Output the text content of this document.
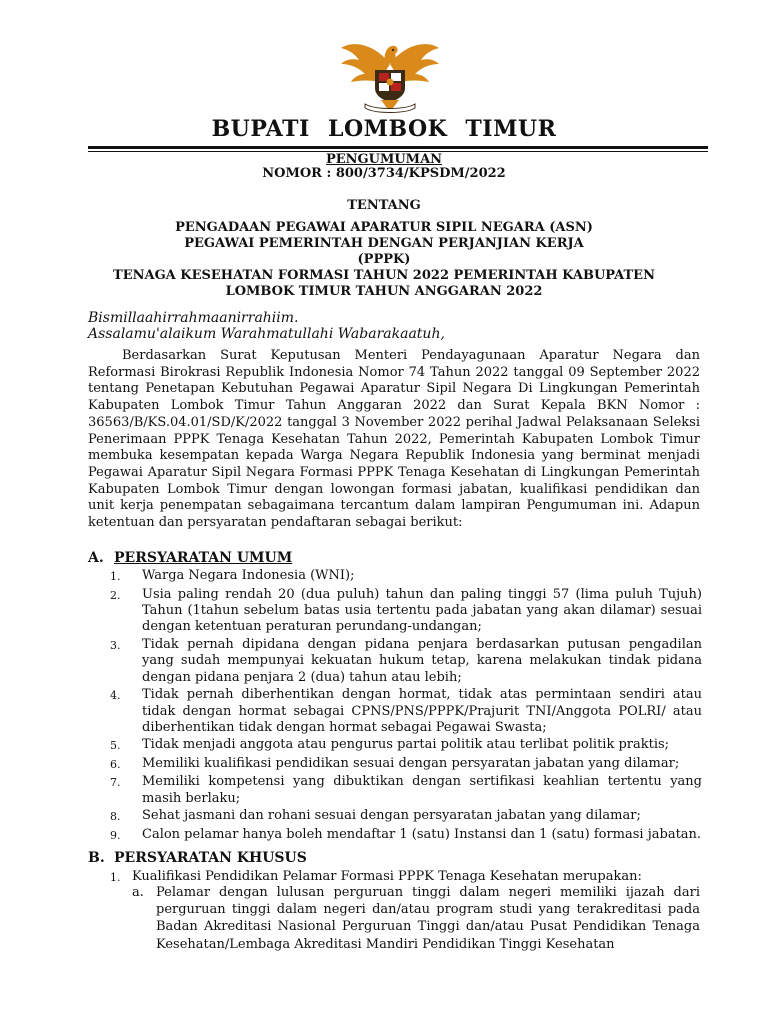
BUPATI LOMBOK TIMUR
PENGUMUMAN
NOMOR : 800/3734/KPSDM/2022
TENTANG
PENGADAAN PEGAWAI APARATUR SIPIL NEGARA (ASN)
PEGAWAI PEMERINTAH DENGAN PERJANJIAN KERJA
(PPPK)
TENAGA KESEHATAN FORMASI TAHUN 2022 PEMERINTAH KABUPATEN
LOMBOK TIMUR TAHUN ANGGARAN 2022
Bismillaahirrahmaanirrahiim.
Assalamu'alaikum Warahmatullahi Wabarakaatuh,
Berdasarkan Surat Keputusan Menteri Pendayagunaan Aparatur Negara dan Reformasi Birokrasi Republik Indonesia Nomor 74 Tahun 2022 tanggal 09 September 2022 tentang Penetapan Kebutuhan Pegawai Aparatur Sipil Negara Di Lingkungan Pemerintah Kabupaten Lombok Timur Tahun Anggaran 2022 dan Surat Kepala BKN Nomor : 36563/B/KS.04.01/SD/K/2022 tanggal 3 November 2022 perihal Jadwal Pelaksanaan Seleksi Penerimaan PPPK Tenaga Kesehatan Tahun 2022, Pemerintah Kabupaten Lombok Timur membuka kesempatan kepada Warga Negara Republik Indonesia yang berminat menjadi Pegawai Aparatur Sipil Negara Formasi PPPK Tenaga Kesehatan di Lingkungan Pemerintah Kabupaten Lombok Timur dengan lowongan formasi jabatan, kualifikasi pendidikan dan unit kerja penempatan sebagaimana tercantum dalam lampiran Pengumuman ini. Adapun ketentuan dan persyaratan pendaftaran sebagai berikut:
A. PERSYARATAN UMUM
1.	Warga Negara Indonesia (WNI);
2.	Usia paling rendah 20 (dua puluh) tahun dan paling tinggi 57 (lima puluh Tujuh) Tahun (1tahun sebelum batas usia tertentu pada jabatan yang akan dilamar) sesuai dengan ketentuan peraturan perundang-undangan;
3.	Tidak pernah dipidana dengan pidana penjara berdasarkan putusan pengadilan yang sudah mempunyai kekuatan hukum tetap, karena melakukan tindak pidana dengan pidana penjara 2 (dua) tahun atau lebih;
4.	Tidak pernah diberhentikan dengan hormat, tidak atas permintaan sendiri atau tidak dengan hormat sebagai CPNS/PNS/PPPK/Prajurit TNI/Anggota POLRI/ atau diberhentikan tidak dengan hormat sebagai Pegawai Swasta;
5.	Tidak menjadi anggota atau pengurus partai politik atau terlibat politik praktis;
6.	Memiliki kualifikasi pendidikan sesuai dengan persyaratan jabatan yang dilamar;
7.	Memiliki kompetensi yang dibuktikan dengan sertifikasi keahlian tertentu yang masih berlaku;
8.	Sehat jasmani dan rohani sesuai dengan persyaratan jabatan yang dilamar;
9.	Calon pelamar hanya boleh mendaftar 1 (satu) Instansi dan 1 (satu) formasi jabatan.
B. PERSYARATAN KHUSUS
1. Kualifikasi Pendidikan Pelamar Formasi PPPK Tenaga Kesehatan merupakan:
a. Pelamar dengan lulusan perguruan tinggi dalam negeri memiliki ijazah dari perguruan tinggi dalam negeri dan/atau program studi yang terakreditasi pada Badan Akreditasi Nasional Perguruan Tinggi dan/atau Pusat Pendidikan Tenaga Kesehatan/Lembaga Akreditasi Mandiri Pendidikan Tinggi Kesehatan
